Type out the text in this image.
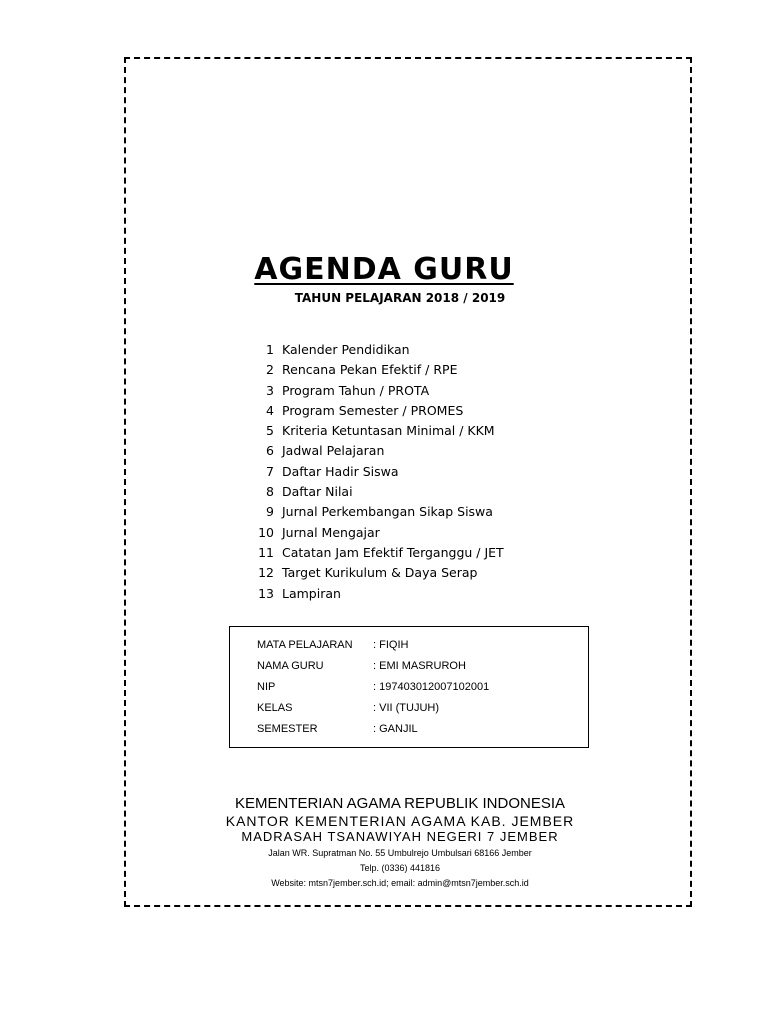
AGENDA GURU
TAHUN PELAJARAN 2018 / 2019
1 Kalender Pendidikan
2 Rencana Pekan Efektif / RPE
3 Program Tahun / PROTA
4 Program Semester / PROMES
5 Kriteria Ketuntasan Minimal / KKM
6 Jadwal Pelajaran
7 Daftar Hadir Siswa
8 Daftar Nilai
9 Jurnal Perkembangan Sikap Siswa
10 Jurnal Mengajar
11 Catatan Jam Efektif Terganggu / JET
12 Target Kurikulum & Daya Serap
13 Lampiran
MATA PELAJARAN : FIQIH
NAMA GURU	: EMI MASRUROH
NIP	: 197403012007102001
KELAS	: VII (TUJUH)
SEMESTER	: GANJIL
KEMENTERIAN AGAMA REPUBLIK INDONESIA
KANTOR KEMENTERIAN AGAMA KAB. JEMBER
MADRASAH TSANAWIYAH NEGERI 7 JEMBER
Jalan WR. Supratman No. 55 Umbulrejo Umbulsari 68166 Jember
Telp. (0336) 441816
Website: mtsn7jember.sch.id; email: admin@mtsn7jember.sch.id
